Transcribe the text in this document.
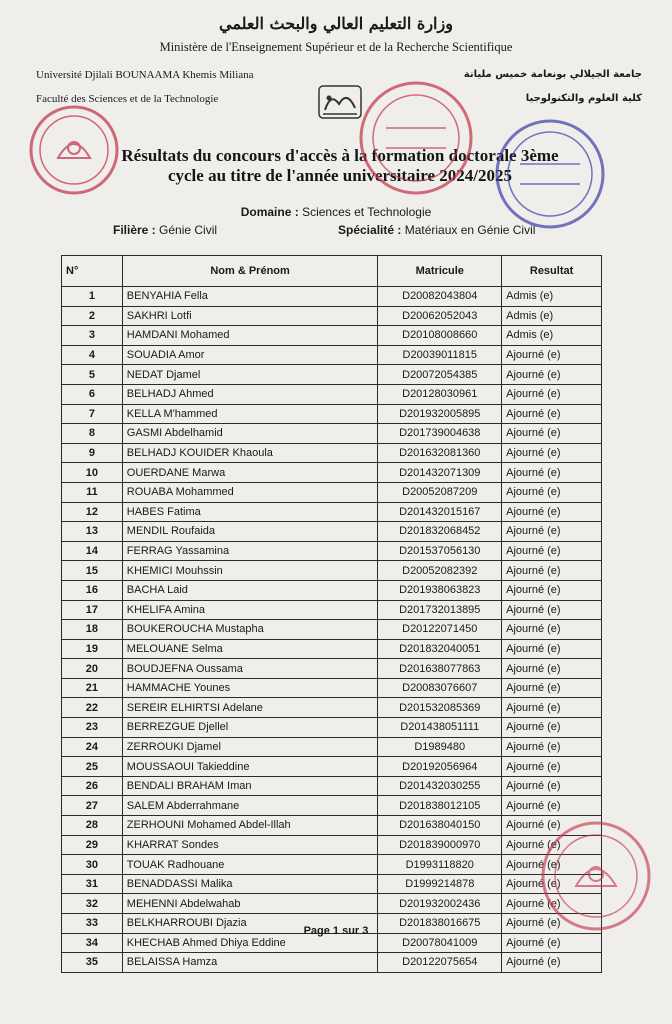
وزارة التعليم العالي والبحث العلمي
Ministère de l'Enseignement Supérieur et de la Recherche Scientifique
Université Djilali BOUNAAMA Khemis Miliana
Faculté des Sciences et de la Technologie
جامعة الجيلالي بونعامة خميس مليانة
كلية العلوم والتكنولوجيا
Résultats du concours d'accès à la formation doctorale 3ème
cycle au titre de l'année universitaire 2024/2025
Domaine : Sciences et Technologie
Filière : Génie Civil	Spécialité : Matériaux en Génie Civil
N°	Nom & Prénom	Matricule	Resultat
1	BENYAHIA Fella	D20082043804	Admis (e)
2	SAKHRI Lotfi	D20062052043	Admis (e)
3	HAMDANI Mohamed	D20108008660	Admis (e)
4	SOUADIA Amor	D20039011815	Ajourné (e)
5	NEDAT Djamel	D20072054385	Ajourné (e)
6	BELHADJ Ahmed	D20128030961	Ajourné (e)
7	KELLA M'hammed	D201932005895	Ajourné (e)
8	GASMI Abdelhamid	D201739004638	Ajourné (e)
9	BELHADJ KOUIDER Khaoula	D201632081360	Ajourné (e)
10	OUERDANE Marwa	D201432071309	Ajourné (e)
11	ROUABA Mohammed	D20052087209	Ajourné (e)
12	HABES Fatima	D201432015167	Ajourné (e)
13	MENDIL Roufaida	D201832068452	Ajourné (e)
14	FERRAG Yassamina	D201537056130	Ajourné (e)
15	KHEMICI Mouhssin	D20052082392	Ajourné (e)
16	BACHA Laid	D201938063823	Ajourné (e)
17	KHELIFA Amina	D201732013895	Ajourné (e)
18	BOUKEROUCHA Mustapha	D20122071450	Ajourné (e)
19	MELOUANE Selma	D201832040051	Ajourné (e)
20	BOUDJEFNA Oussama	D201638077863	Ajourné (e)
21	HAMMACHE Younes	D20083076607	Ajourné (e)
22	SEREIR ELHIRTSI Adelane	D201532085369	Ajourné (e)
23	BERREZGUE Djellel	D201438051111	Ajourné (e)
24	ZERROUKI Djamel	D1989480	Ajourné (e)
25	MOUSSAOUI Takieddine	D20192056964	Ajourné (e)
26	BENDALI BRAHAM Iman	D201432030255	Ajourné (e)
27	SALEM Abderrahmane	D201838012105	Ajourné (e)
28	ZERHOUNI Mohamed Abdel-Illah	D201638040150	Ajourné (e)
29	KHARRAT Sondes	D201839000970	Ajourné (e)
30	TOUAK Radhouane	D1993118820	Ajourné (e)
31	BENADDASSI Malika	D1999214878	Ajourné (e)
32	MEHENNI Abdelwahab	D201932002436	Ajourné (e)
33	BELKHARROUBI Djazia	D201838016675	Ajourné (e)
34	KHECHAB Ahmed Dhiya Eddine	D20078041009	Ajourné (e)
35	BELAISSA Hamza	D20122075654	Ajourné (e)
Page 1 sur 3
